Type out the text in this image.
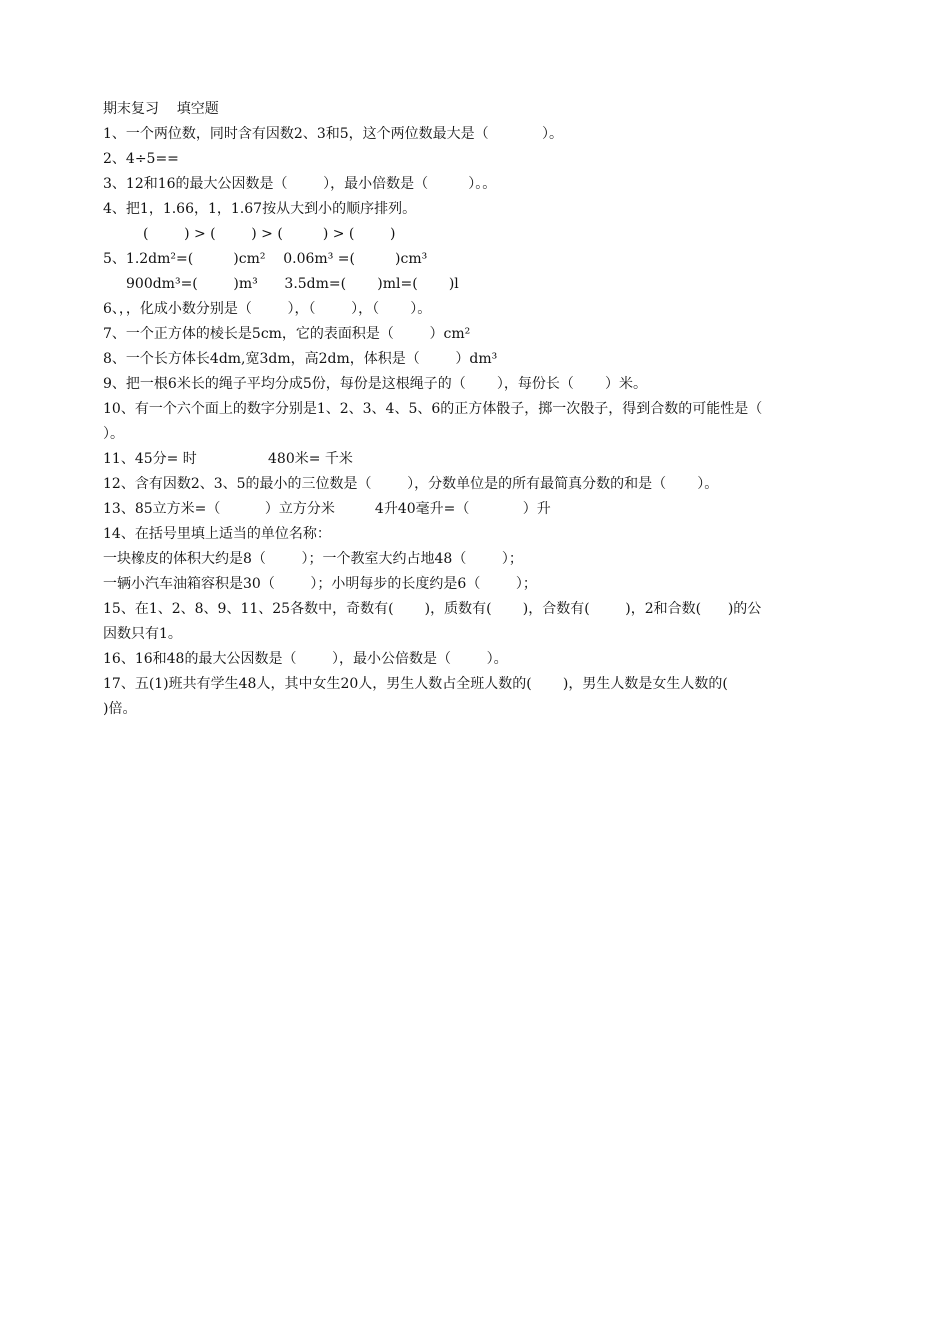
期末复习    填空题
1、一个两位数，同时含有因数2、3和5，这个两位数最大是（            ）。
2、4÷5==
3、12和16的最大公因数是（        ），最小倍数是（         ）。。
4、把1，1.66，1，1.67按从大到小的顺序排列。
(        ) > (        ) > (         ) > (        )
5、1.2dm²=(         )cm²    0.06m³ =(         )cm³
900dm³=(        )m³      3.5dm=(       )ml=(       )l
6、，，化成小数分别是（        ），（        ），（       ）。
7、一个正方体的棱长是5cm，它的表面积是（        ）cm²
8、一个长方体长4dm,宽3dm，高2dm，体积是（        ）dm³
9、把一根6米长的绳子平均分成5份，每份是这根绳子的（       ），每份长（       ）米。
10、有一个六个面上的数字分别是1、2、3、4、5、6的正方体骰子，掷一次骰子，得到合数的可能性是（
）。
11、45分= 时                480米= 千米
12、含有因数2、3、5的最小的三位数是（        ），分数单位是的所有最简真分数的和是（       ）。
13、85立方米=（          ）立方分米         4升40毫升=（            ）升
14、在括号里填上适当的单位名称：
一块橡皮的体积大约是8（        ）；一个教室大约占地48（        ）；
一辆小汽车油箱容积是30（        ）；小明每步的长度约是6（        ）；
15、在1、2、8、9、11、25各数中，奇数有(       )，质数有(       )，合数有(        )，2和合数(      )的公
因数只有1。
16、16和48的最大公因数是（        ），最小公倍数是（        ）。
17、五(1)班共有学生48人，其中女生20人，男生人数占全班人数的(       )，男生人数是女生人数的(
)倍。
